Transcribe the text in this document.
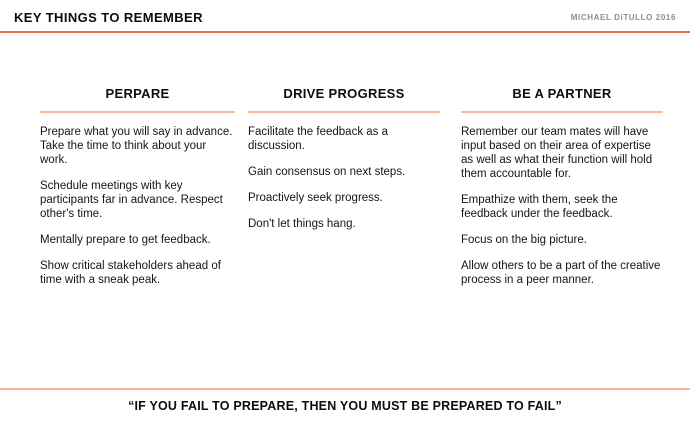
KEY THINGS TO REMEMBER	MICHAEL DiTULLO 2016
PERPARE

Prepare what you will say in advance. Take the time to think about your work.

Schedule meetings with key participants far in advance. Respect other's time.

Mentally prepare to get feedback.

Show critical stakeholders ahead of time with a sneak peak.

DRIVE PROGRESS

Facilitate the feedback as a discussion.

Gain consensus on next steps.

Proactively seek progress.

Don't let things hang.

BE A PARTNER

Remember our team mates will have input based on their area of expertise as well as what their function will hold them accountable for.

Empathize with them, seek the feedback under the feedback.

Focus on the big picture.

Allow others to be a part of the creative process in a peer manner.

“IF YOU FAIL TO PREPARE, THEN YOU MUST BE PREPARED TO FAIL”
